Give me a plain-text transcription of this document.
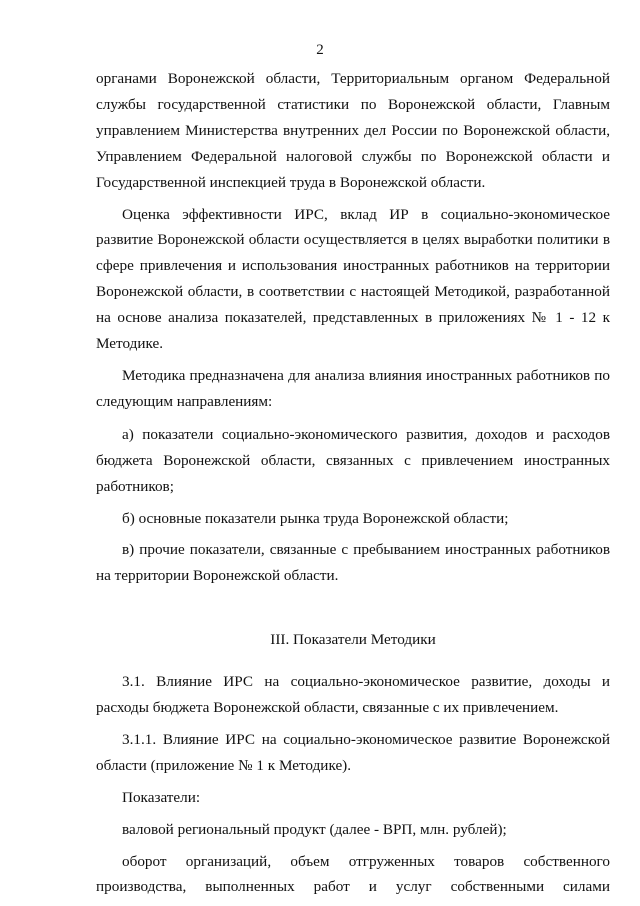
2

органами Воронежской области, Территориальным органом Федеральной службы государственной статистики по Воронежской области, Главным управлением Министерства внутренних дел России по Воронежской области, Управлением Федеральной налоговой службы по Воронежской области и Государственной инспекцией труда в Воронежской области.

Оценка эффективности ИРС, вклад ИР в социально-экономическое развитие Воронежской области осуществляется в целях выработки политики в сфере привлечения и использования иностранных работников на территории Воронежской области, в соответствии с настоящей Методикой, разработанной на основе анализа показателей, представленных в приложениях № 1 - 12 к Методике.

Методика предназначена для анализа влияния иностранных работников по следующим направлениям:

а) показатели социально-экономического развития, доходов и расходов бюджета Воронежской области, связанных с привлечением иностранных работников;

б) основные показатели рынка труда Воронежской области;

в) прочие показатели, связанные с пребыванием иностранных работников на территории Воронежской области.

III. Показатели Методики

3.1. Влияние ИРС на социально-экономическое развитие, доходы и расходы бюджета Воронежской области, связанные с их привлечением.

3.1.1. Влияние ИРС на социально-экономическое развитие Воронежской области (приложение № 1 к Методике).

Показатели:

валовой региональный продукт (далее - ВРП, млн. рублей);

оборот организаций, объем отгруженных товаров собственного производства, выполненных работ и услуг собственными силами
